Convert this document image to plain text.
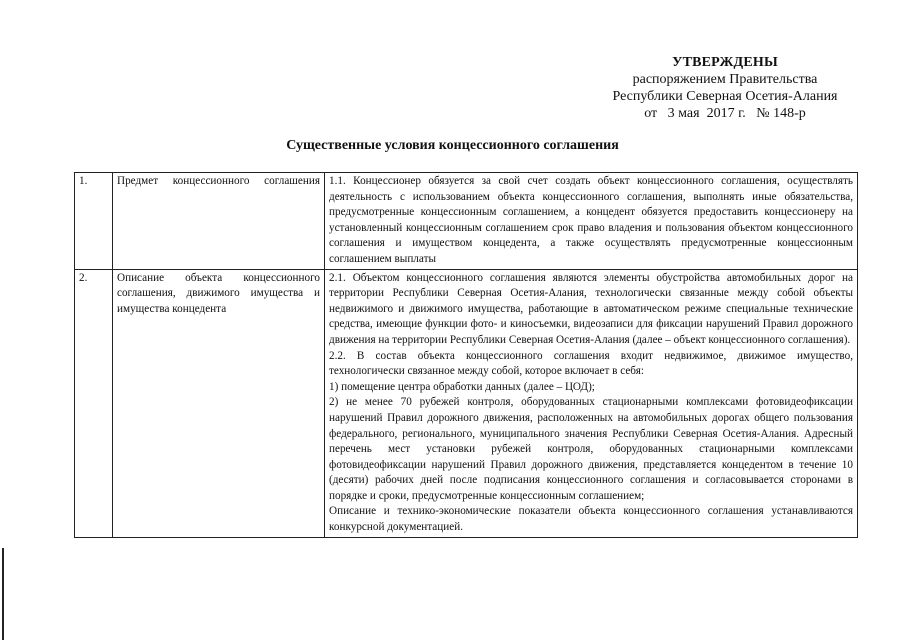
УТВЕРЖДЕНЫ
распоряжением Правительства
Республики Северная Осетия-Алания
от   3 мая  2017 г.   № 148-р
Существенные условия концессионного соглашения
1.	Предмет концессионного соглашения	1.1. Концессионер обязуется за свой счет создать объект концессионного соглашения, осуществлять деятельность с использованием объекта концессионного соглашения, выполнять иные обязательства, предусмотренные концессионным соглашением, а концедент обязуется предоставить концессионеру на установленный концессионным соглашением срок право владения и пользования объектом концессионного соглашения и имуществом концедента, а также осуществлять предусмотренные концессионным соглашением выплаты

2.	Описание объекта концессионного соглашения, движимого имущества и имущества концедента	2.1. Объектом концессионного соглашения являются элементы обустройства автомобильных дорог на территории Республики Северная Осетия-Алания, технологически связанные между собой объекты недвижимого и движимого имущества, работающие в автоматическом режиме специальные технические средства, имеющие функции фото- и киносъемки, видеозаписи для фиксации нарушений Правил дорожного движения на территории Республики Северная Осетия-Алания (далее – объект концессионного соглашения).
2.2. В состав объекта концессионного соглашения входит недвижимое, движимое имущество, технологически связанное между собой, которое включает в себя:
1) помещение центра обработки данных (далее – ЦОД);
2) не менее 70 рубежей контроля, оборудованных стационарными комплексами фотовидеофиксации нарушений Правил дорожного движения, расположенных на автомобильных дорогах общего пользования федерального, регионального, муниципального значения Республики Северная Осетия-Алания. Адресный перечень мест установки рубежей контроля, оборудованных стационарными комплексами фотовидеофиксации нарушений Правил дорожного движения, представляется концедентом в течение 10 (десяти) рабочих дней после подписания концессионного соглашения и согласовывается сторонами в порядке и сроки, предусмотренные концессионным соглашением;
Описание и технико-экономические показатели объекта концессионного соглашения устанавливаются конкурсной документацией.
